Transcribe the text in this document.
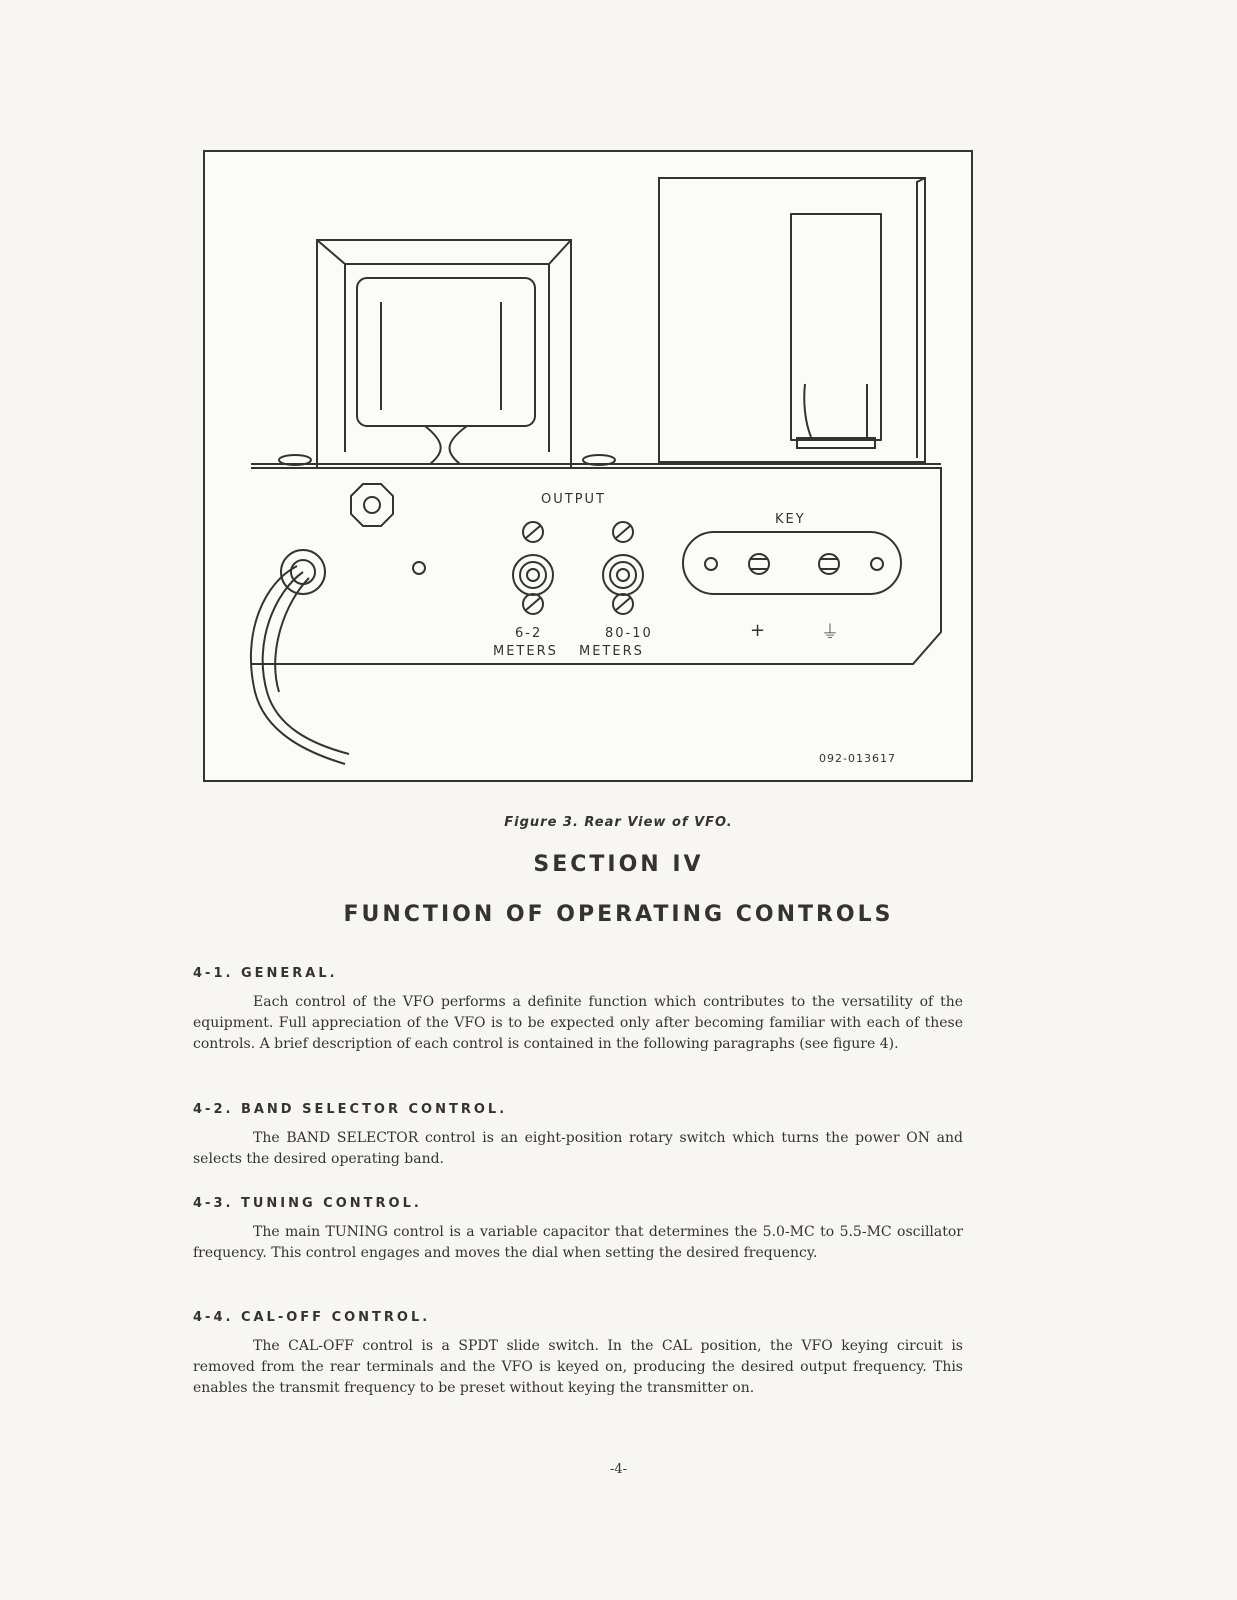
OUTPUT
KEY
6-2
METERS
80-10
METERS
+	⏚
092-013617
Figure 3. Rear View of VFO.
SECTION IV
FUNCTION OF OPERATING CONTROLS
4-1. GENERAL.
Each control of the VFO performs a definite function which contributes to the versatility of the equipment. Full appreciation of the VFO is to be expected only after becoming familiar with each of these controls. A brief description of each control is contained in the following paragraphs (see figure 4).
4-2. BAND SELECTOR CONTROL.
The BAND SELECTOR control is an eight-position rotary switch which turns the power ON and selects the desired operating band.
4-3. TUNING CONTROL.
The main TUNING control is a variable capacitor that determines the 5.0-MC to 5.5-MC oscillator frequency. This control engages and moves the dial when setting the desired frequency.
4-4. CAL-OFF CONTROL.
The CAL-OFF control is a SPDT slide switch. In the CAL position, the VFO keying circuit is removed from the rear terminals and the VFO is keyed on, producing the desired output frequency. This enables the transmit frequency to be preset without keying the transmitter on.
-4-
